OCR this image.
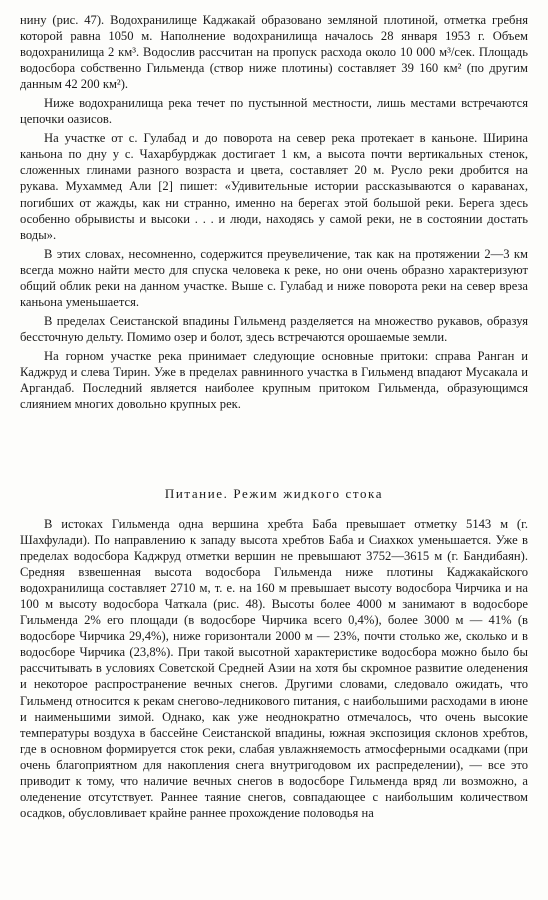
нину (рис. 47). Водохранилище Каджакай образовано земляной плотиной, отметка гребня которой равна 1050 м. Наполнение водохранилища началось 28 января 1953 г. Объем водохранилища 2 км³. Водослив рассчитан на пропуск расхода около 10 000 м³/сек. Площадь водосбора собственно Гильменда (створ ниже плотины) составляет 39 160 км² (по другим данным 42 200 км²).

Ниже водохранилища река течет по пустынной местности, лишь местами встречаются цепочки оазисов.

На участке от с. Гулабад и до поворота на север река протекает в каньоне. Ширина каньона по дну у с. Чахарбурджак достигает 1 км, а высота почти вертикальных стенок, сложенных глинами разного возраста и цвета, составляет 20 м. Русло реки дробится на рукава. Мухаммед Али [2] пишет: «Удивительные истории рассказываются о караванах, погибших от жажды, как ни странно, именно на берегах этой большой реки. Берега здесь особенно обрывисты и высоки . . . и люди, находясь у самой реки, не в состоянии достать воды».

В этих словах, несомненно, содержится преувеличение, так как на протяжении 2—3 км всегда можно найти место для спуска человека к реке, но они очень образно характеризуют общий облик реки на данном участке. Выше с. Гулабад и ниже поворота реки на север вреза каньона уменьшается.

В пределах Сеистанской впадины Гильменд разделяется на множество рукавов, образуя бессточную дельту. Помимо озер и болот, здесь встречаются орошаемые земли.

На горном участке река принимает следующие основные притоки: справа Ранган и Каджруд и слева Тирин. Уже в пределах равнинного участка в Гильменд впадают Мусакала и Аргандаб. Последний является наиболее крупным притоком Гильменда, образующимся слиянием многих довольно крупных рек.

Питание. Режим жидкого стока

В истоках Гильменда одна вершина хребта Баба превышает отметку 5143 м (г. Шахфулади). По направлению к западу высота хребтов Баба и Сиахкох уменьшается. Уже в пределах водосбора Каджруд отметки вершин не превышают 3752—3615 м (г. Бандибаян). Средняя взвешенная высота водосбора Гильменда ниже плотины Каджакайского водохранилища составляет 2710 м, т. е. на 160 м превышает высоту водосбора Чирчика и на 100 м высоту водосбора Чаткала (рис. 48). Высоты более 4000 м занимают в водосборе Гильменда 2% его площади (в водосборе Чирчика всего 0,4%), более 3000 м — 41% (в водосборе Чирчика 29,4%), ниже горизонтали 2000 м — 23%, почти столько же, сколько и в водосборе Чирчика (23,8%). При такой высотной характеристике водосбора можно было бы рассчитывать в условиях Советской Средней Азии на хотя бы скромное развитие оледенения и некоторое распространение вечных снегов. Другими словами, следовало ожидать, что Гильменд относится к рекам снегово-ледникового питания, с наибольшими расходами в июне и наименьшими зимой. Однако, как уже неоднократно отмечалось, что очень высокие температуры воздуха в бассейне Сеистанской впадины, южная экспозиция склонов хребтов, где в основном формируется сток реки, слабая увлажняемость атмосферными осадками (при очень благоприятном для накопления снега внутригодовом их распределении), — все это приводит к тому, что наличие вечных снегов в водосборе Гильменда вряд ли возможно, а оледенение отсутствует. Раннее таяние снегов, совпадающее с наибольшим количеством осадков, обусловливает крайне раннее прохождение половодья на
